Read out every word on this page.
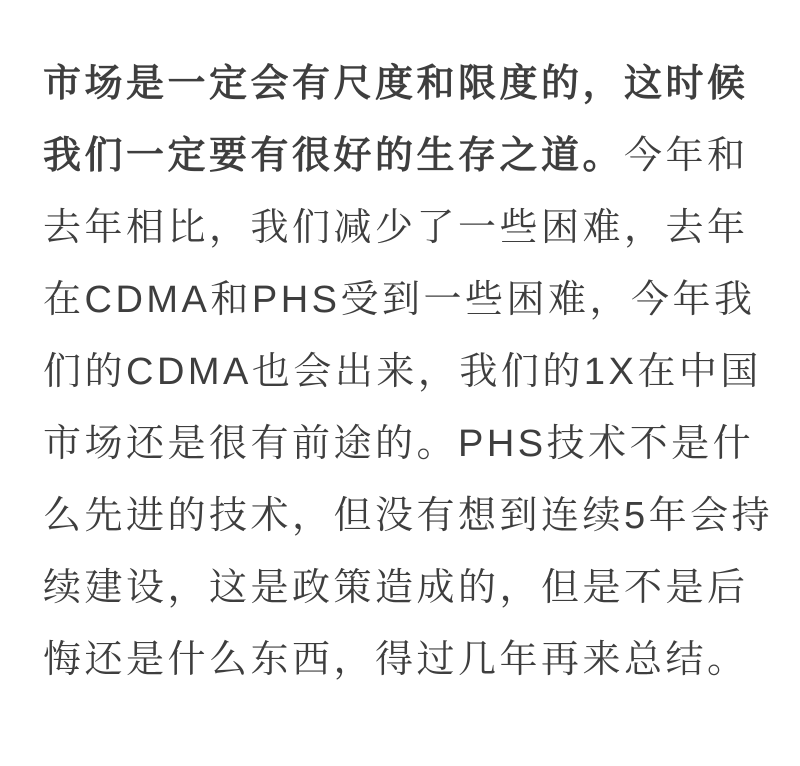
市场是一定会有尺度和限度的，这时候
我们一定要有很好的生存之道。今年和
去年相比，我们减少了一些困难，去年
在CDMA和PHS受到一些困难，今年我
们的CDMA也会出来，我们的1X在中国
市场还是很有前途的。PHS技术不是什
么先进的技术，但没有想到连续5年会持
续建设，这是政策造成的，但是不是后
悔还是什么东西，得过几年再来总结。
